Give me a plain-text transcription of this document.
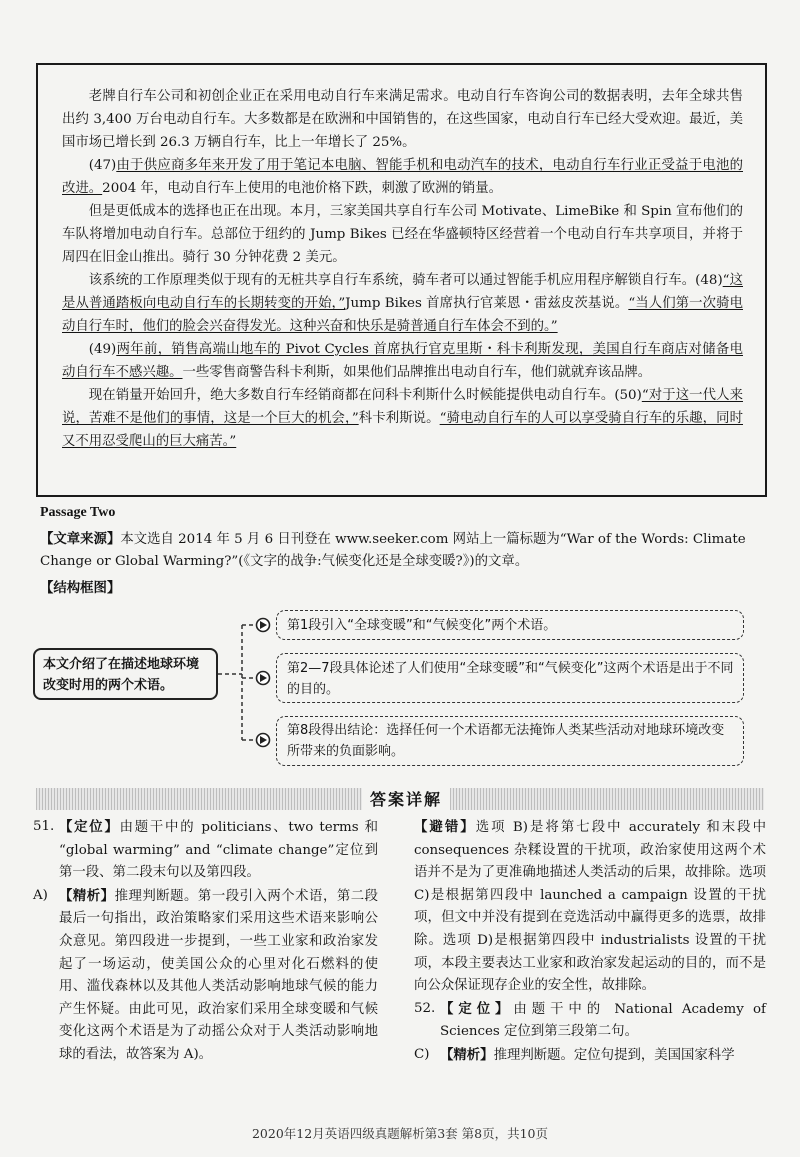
老牌自行车公司和初创企业正在采用电动自行车来满足需求。电动自行车咨询公司的数据表明，去年全球共售出约 3,400 万台电动自行车。大多数都是在欧洲和中国销售的，在这些国家，电动自行车已经大受欢迎。最近，美国市场已增长到 26.3 万辆自行车，比上一年增长了 25%。

(47)由于供应商多年来开发了用于笔记本电脑、智能手机和电动汽车的技术，电动自行车行业正受益于电池的改进。2004 年，电动自行车上使用的电池价格下跌，刺激了欧洲的销量。

但是更低成本的选择也正在出现。本月，三家美国共享自行车公司 Motivate、LimeBike 和 Spin 宣布他们的车队将增加电动自行车。总部位于纽约的 Jump Bikes 已经在华盛顿特区经营着一个电动自行车共享项目，并将于周四在旧金山推出。骑行 30 分钟花费 2 美元。

该系统的工作原理类似于现有的无桩共享自行车系统，骑车者可以通过智能手机应用程序解锁自行车。(48)“这是从普通踏板向电动自行车的长期转变的开始，”Jump Bikes 首席执行官莱恩・雷兹皮茨基说。“当人们第一次骑电动自行车时，他们的脸会兴奋得发光。这种兴奋和快乐是骑普通自行车体会不到的。”

(49)两年前，销售高端山地车的 Pivot Cycles 首席执行官克里斯・科卡利斯发现，美国自行车商店对储备电动自行车不感兴趣。一些零售商警告科卡利斯，如果他们品牌推出电动自行车，他们就就弃该品牌。

现在销量开始回升，绝大多数自行车经销商都在问科卡利斯什么时候能提供电动自行车。(50)“对于这一代人来说，苦难不是他们的事情，这是一个巨大的机会，”科卡利斯说。“骑电动自行车的人可以享受骑自行车的乐趣，同时又不用忍受爬山的巨大痛苦。”

Passage Two
【文章来源】本文选自 2014 年 5 月 6 日刊登在 www.seeker.com 网站上一篇标题为“War of the Words: Climate Change or Global Warming?”(《文字的战争:气候变化还是全球变暖?》)的文章。
【结构框图】
本文介绍了在描述地球环境改变时用的两个术语。
第1段引入“全球变暖”和“气候变化”两个术语。
第2—7段具体论述了人们使用“全球变暖”和“气候变化”这两个术语是出于不同的目的。
第8段得出结论：选择任何一个术语都无法掩饰人类某些活动对地球环境改变所带来的负面影响。
答案详解

51. 【定位】由题干中的 politicians、two terms 和 “global warming” and “climate change”定位到第一段、第二段末句以及第四段。

A) 【精析】推理判断题。第一段引入两个术语，第二段最后一句指出，政治策略家们采用这些术语来影响公众意见。第四段进一步提到，一些工业家和政治家发起了一场运动，使美国公众的心里对化石燃料的使用、滥伐森林以及其他人类活动影响地球气候的能力产生怀疑。由此可见，政治家们采用全球变暖和气候变化这两个术语是为了动摇公众对于人类活动影响地球的看法，故答案为 A)。

【避错】选项 B)是将第七段中 accurately 和末段中 consequences 杂糅设置的干扰项，政治家使用这两个术语并不是为了更准确地描述人类活动的后果，故排除。选项 C)是根据第四段中 launched a campaign 设置的干扰项，但文中并没有提到在竞选活动中赢得更多的选票，故排除。选项 D)是根据第四段中 industrialists 设置的干扰项，本段主要表达工业家和政治家发起运动的目的，而不是向公众保证现存企业的安全性，故排除。

52. 【定位】由题干中的 National Academy of Sciences 定位到第三段第二句。

C) 【精析】推理判断题。定位句提到，美国国家科学

2020年12月英语四级真题解析第3套 第8页，共10页
